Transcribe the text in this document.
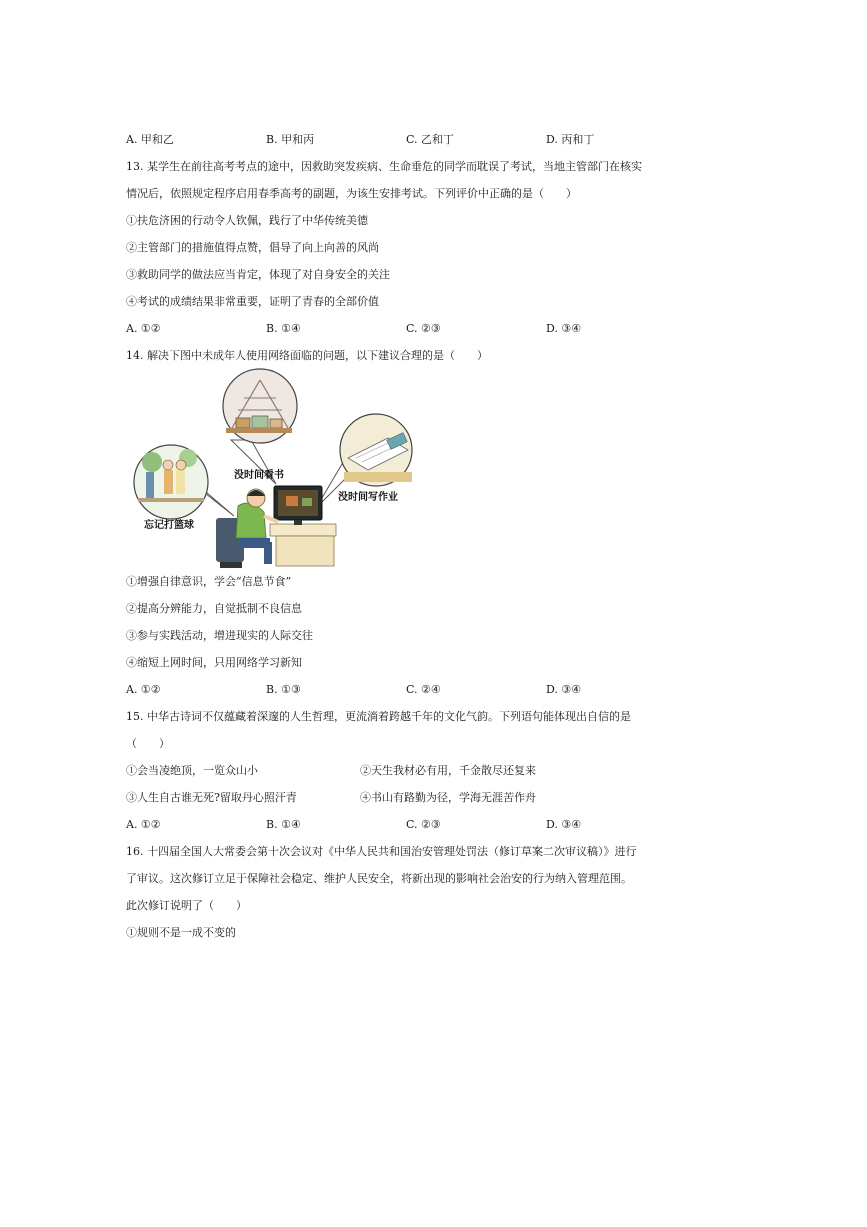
A. 甲和乙	B. 甲和丙	C. 乙和丁	D. 丙和丁
13. 某学生在前往高考考点的途中，因救助突发疾病、生命垂危的同学而耽误了考试，当地主管部门在核实
情况后，依照规定程序启用春季高考的副题，为该生安排考试。下列评价中正确的是（　　）
①扶危济困的行动令人钦佩，践行了中华传统美德
②主管部门的措施值得点赞，倡导了向上向善的风尚
③救助同学的做法应当肯定，体现了对自身安全的关注
④考试的成绩结果非常重要，证明了青春的全部价值
A. ①②	B. ①④	C. ②③	D. ③④
14. 解决下图中未成年人使用网络面临的问题，以下建议合理的是（　　）
没时间看书
没时间写作业
忘记打篮球
①增强自律意识，学会“信息节食”
②提高分辨能力，自觉抵制不良信息
③参与实践活动，增进现实的人际交往
④缩短上网时间，只用网络学习新知
A. ①②	B. ①③	C. ②④	D. ③④
15. 中华古诗词不仅蕴藏着深邃的人生哲理，更流淌着跨越千年的文化气韵。下列语句能体现出自信的是
（　　）
①会当凌绝顶，一览众山小	②天生我材必有用，千金散尽还复来
③人生自古谁无死?留取丹心照汗青	④书山有路勤为径，学海无涯苦作舟
A. ①②	B. ①④	C. ②③	D. ③④
16. 十四届全国人大常委会第十次会议对《中华人民共和国治安管理处罚法（修订草案二次审议稿）》进行
了审议。这次修订立足于保障社会稳定、维护人民安全，将新出现的影响社会治安的行为纳入管理范围。
此次修订说明了（　　）
①规则不是一成不变的
